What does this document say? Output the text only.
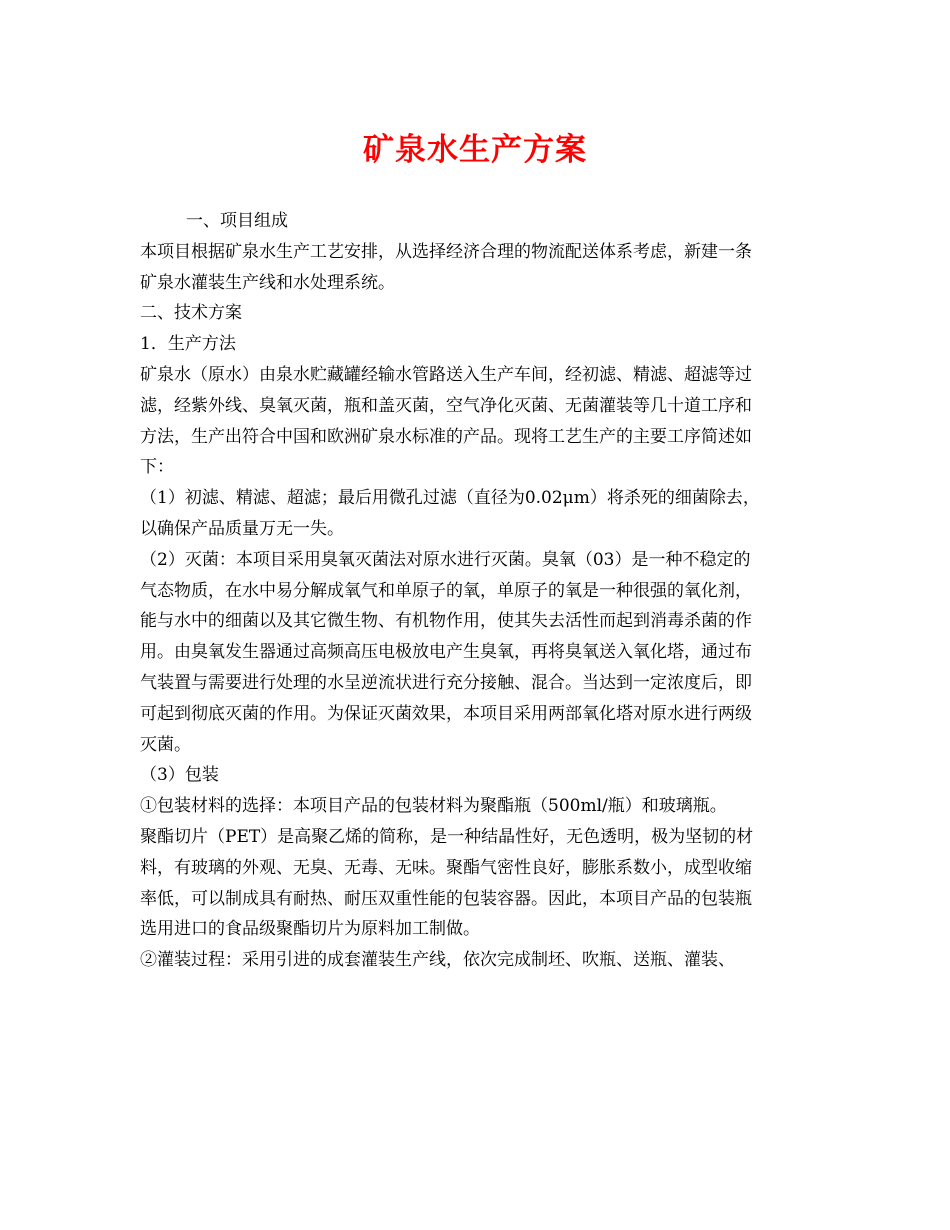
矿泉水生产方案
一、项目组成
本项目根据矿泉水生产工艺安排，从选择经济合理的物流配送体系考虑，新建一条
矿泉水灌装生产线和水处理系统。
二、技术方案
1．生产方法
矿泉水（原水）由泉水贮藏罐经输水管路送入生产车间，经初滤、精滤、超滤等过
滤，经紫外线、臭氧灭菌，瓶和盖灭菌，空气净化灭菌、无菌灌装等几十道工序和
方法，生产出符合中国和欧洲矿泉水标准的产品。现将工艺生产的主要工序简述如
下：
（1）初滤、精滤、超滤；最后用微孔过滤（直径为0.02μm）将杀死的细菌除去，
以确保产品质量万无一失。
（2）灭菌：本项目采用臭氧灭菌法对原水进行灭菌。臭氧（03）是一种不稳定的
气态物质，在水中易分解成氧气和单原子的氧，单原子的氧是一种很强的氧化剂，
能与水中的细菌以及其它微生物、有机物作用，使其失去活性而起到消毒杀菌的作
用。由臭氧发生器通过高频高压电极放电产生臭氧，再将臭氧送入氧化塔，通过布
气装置与需要进行处理的水呈逆流状进行充分接触、混合。当达到一定浓度后，即
可起到彻底灭菌的作用。为保证灭菌效果，本项目采用两部氧化塔对原水进行两级
灭菌。
（3）包装
①包装材料的选择：本项目产品的包装材料为聚酯瓶（500ml/瓶）和玻璃瓶。
聚酯切片（PET）是高聚乙烯的简称，是一种结晶性好，无色透明，极为坚韧的材
料，有玻璃的外观、无臭、无毒、无味。聚酯气密性良好，膨胀系数小，成型收缩
率低，可以制成具有耐热、耐压双重性能的包装容器。因此，本项目产品的包装瓶
选用进口的食品级聚酯切片为原料加工制做。
②灌装过程：采用引进的成套灌装生产线，依次完成制坯、吹瓶、送瓶、灌装、
